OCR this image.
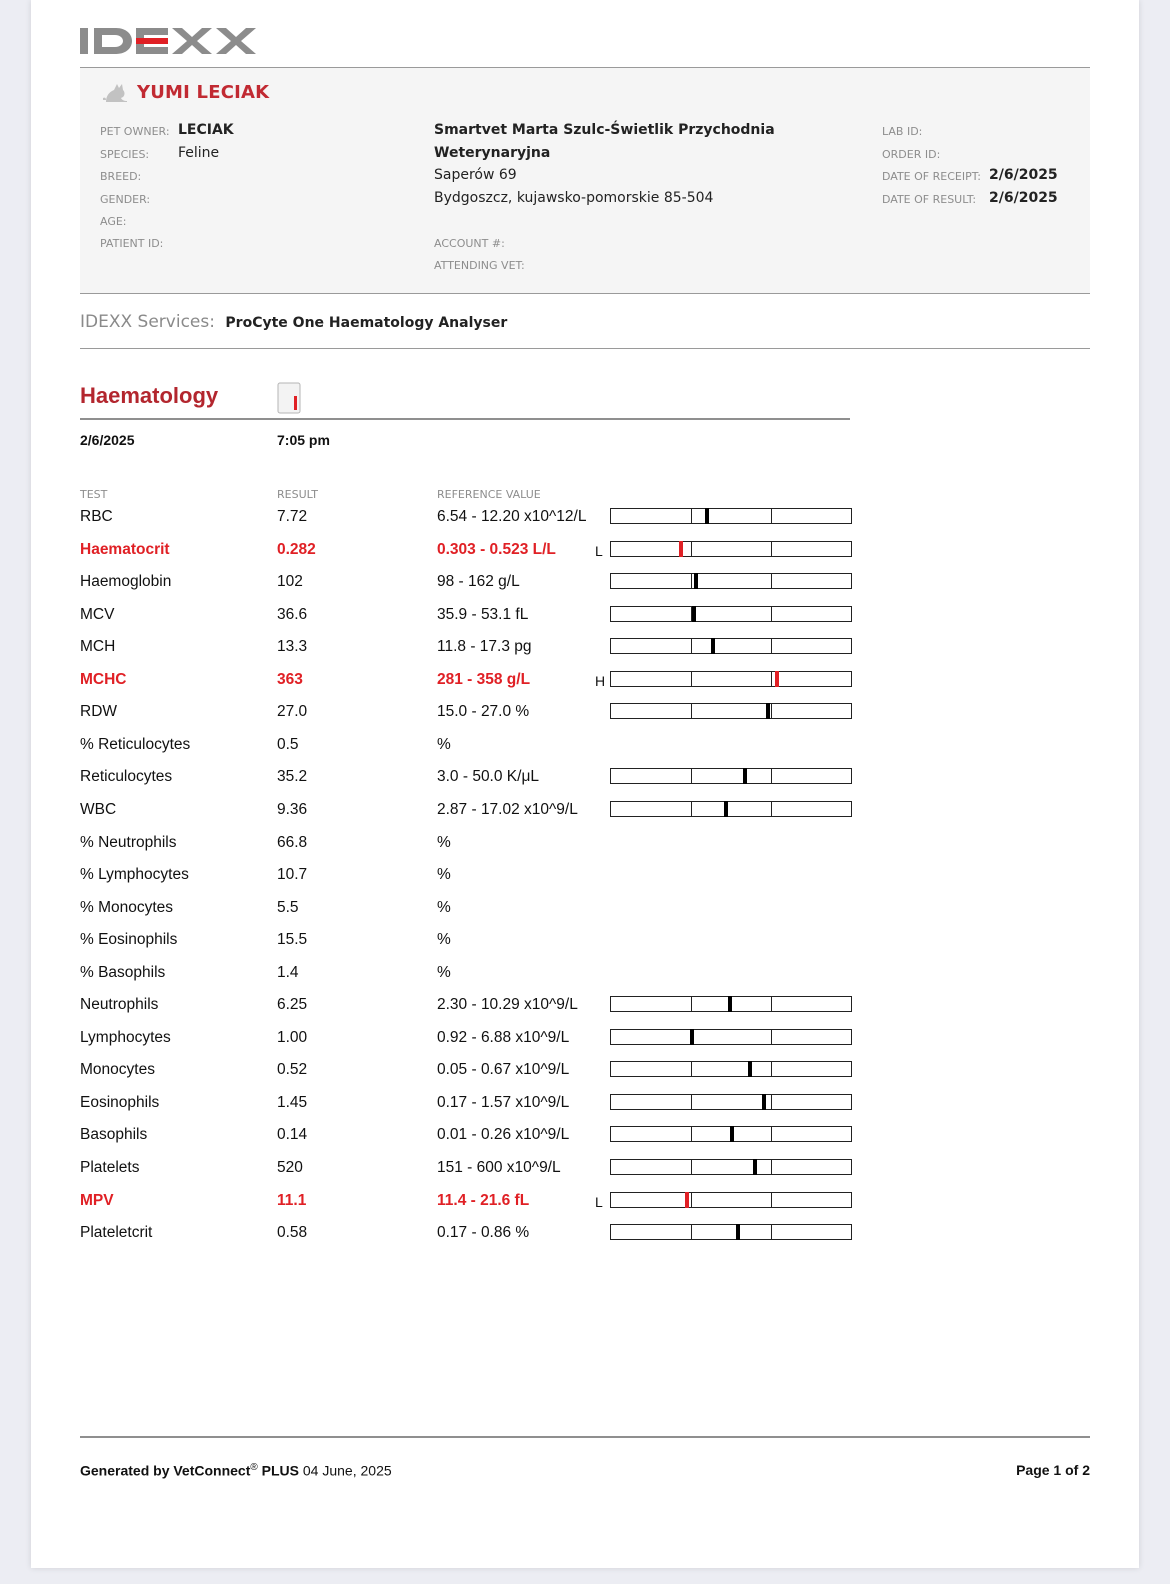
YUMI LECIAK
PET OWNER: LECIAK
SPECIES: Feline
BREED:
GENDER:
AGE:
PATIENT ID:
Smartvet Marta Szulc-Świetlik Przychodnia
Weterynaryjna
Saperów 69
Bydgoszcz, kujawsko-pomorskie 85-504
ACCOUNT #:
ATTENDING VET:
LAB ID:
ORDER ID:
DATE OF RECEIPT: 2/6/2025
DATE OF RESULT: 2/6/2025
IDEXX Services: ProCyte One Haematology Analyser
Haematology
2/6/2025	7:05 pm
TEST	RESULT	REFERENCE VALUE
RBC	7.72	6.54 - 12.20 x10^12/L
Haematocrit	0.282	0.303 - 0.523 L/L	L
Haemoglobin	102	98 - 162 g/L
MCV	36.6	35.9 - 53.1 fL
MCH	13.3	11.8 - 17.3 pg
MCHC	363	281 - 358 g/L	H
RDW	27.0	15.0 - 27.0 %
% Reticulocytes	0.5	%
Reticulocytes	35.2	3.0 - 50.0 K/μL
WBC	9.36	2.87 - 17.02 x10^9/L
% Neutrophils	66.8	%
% Lymphocytes	10.7	%
% Monocytes	5.5	%
% Eosinophils	15.5	%
% Basophils	1.4	%
Neutrophils	6.25	2.30 - 10.29 x10^9/L
Lymphocytes	1.00	0.92 - 6.88 x10^9/L
Monocytes	0.52	0.05 - 0.67 x10^9/L
Eosinophils	1.45	0.17 - 1.57 x10^9/L
Basophils	0.14	0.01 - 0.26 x10^9/L
Platelets	520	151 - 600 x10^9/L
MPV	11.1	11.4 - 21.6 fL	L
Plateletcrit	0.58	0.17 - 0.86 %
Generated by VetConnect® PLUS 04 June, 2025	Page 1 of 2
